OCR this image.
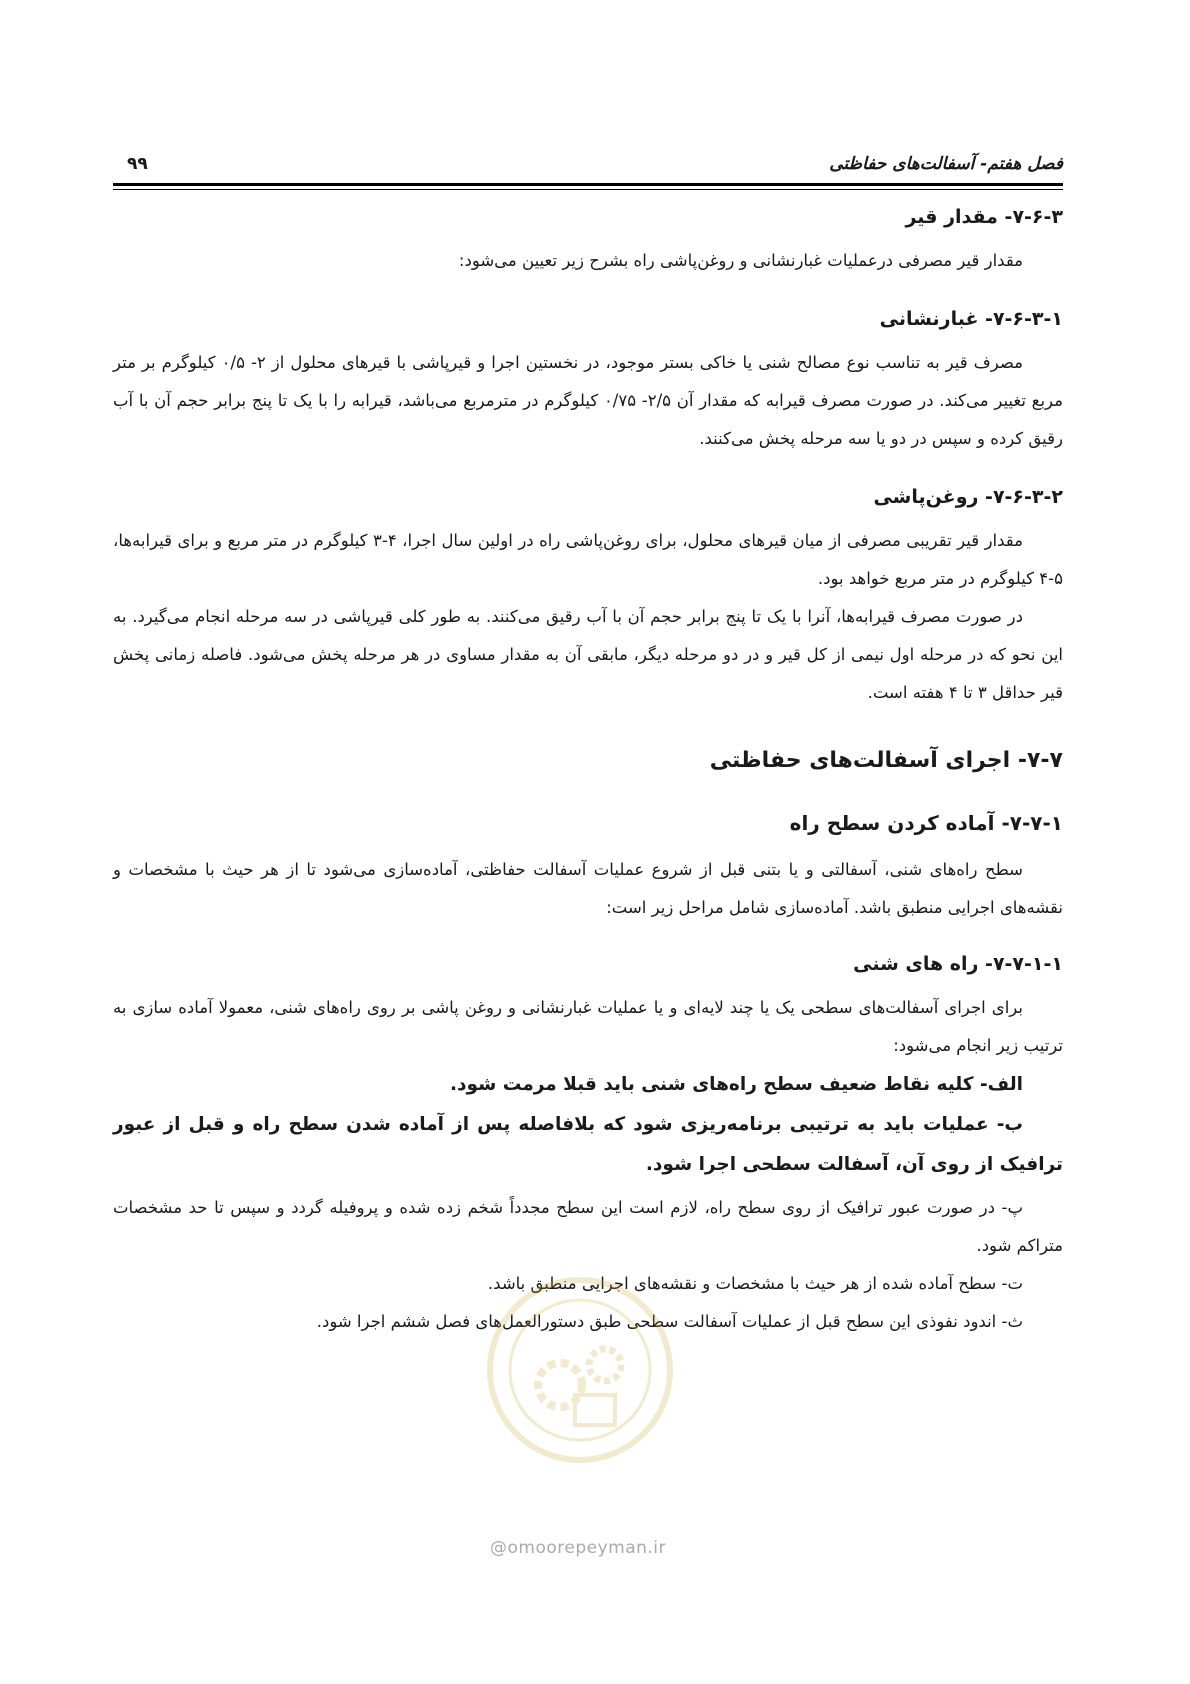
فصل هفتم- آسفالت‌های حفاظتی
۹۹
۷-۶-۳- مقدار قیر

مقدار قیر مصرفی درعملیات غبارنشانی و روغن‌پاشی راه بشرح زیر تعیین می‌شود:

۷-۶-۳-۱- غبارنشانی

مصرف قیر به تناسب نوع مصالح شنی یا خاکی بستر موجود، در نخستین اجرا و قیرپاشی با قیرهای محلول از ۲- ۰/۵ کیلوگرم بر متر مربع تغییر می‌کند. در صورت مصرف قیرابه که مقدار آن ۲/۵- ۰/۷۵ کیلوگرم در مترمربع می‌باشد، قیرابه را با یک تا پنج برابر حجم آن با آب رقیق کرده و سپس در دو یا سه مرحله پخش می‌کنند.

۷-۶-۳-۲- روغن‌پاشی

مقدار قیر تقریبی مصرفی از میان قیرهای محلول، برای روغن‌پاشی راه در اولین سال اجرا، ۴-۳ کیلوگرم در متر مربع و برای قیرابه‌ها، ۵-۴ کیلوگرم در متر مربع خواهد بود.

در صورت مصرف قیرابه‌ها، آنرا با یک تا پنج برابر حجم آن با آب رقیق می‌کنند. به طور کلی قیرپاشی در سه مرحله انجام می‌گیرد. به این نحو که در مرحله اول نیمی از کل قیر و در دو مرحله دیگر، مابقی آن به مقدار مساوی در هر مرحله پخش می‌شود. فاصله زمانی پخش قیر حداقل ۳ تا ۴ هفته است.

۷-۷- اجرای آسفالت‌های حفاظتی
۷-۷-۱- آماده کردن سطح راه

سطح راه‌های شنی، آسفالتی و یا بتنی قبل از شروع عملیات آسفالت حفاظتی، آماده‌سازی می‌شود تا از هر حیث با مشخصات و نقشه‌های اجرایی منطبق باشد. آماده‌سازی شامل مراحل زیر است:

۷-۷-۱-۱- راه های شنی

برای اجرای آسفالت‌های سطحی یک یا چند لایه‌ای و یا عملیات غبارنشانی و روغن پاشی بر روی راه‌های شنی، معمولا آماده سازی به ترتیب زیر انجام می‌شود:

الف- کلیه نقاط ضعیف سطح راه‌های شنی باید قبلا مرمت شود.

ب- عملیات باید به ترتیبی برنامه‌ریزی شود که بلافاصله پس از آماده شدن سطح راه و قبل از عبور ترافیک از روی آن، آسفالت سطحی اجرا شود.

پ- در صورت عبور ترافیک از روی سطح راه، لازم است این سطح مجدداً شخم زده شده و پروفیله گردد و سپس تا حد مشخصات متراکم شود.

ت- سطح آماده شده از هر حیث با مشخصات و نقشه‌های اجرایی منطبق باشد.

ث- اندود نفوذی این سطح قبل از عملیات آسفالت سطحی طبق دستورالعمل‌های فصل ششم اجرا شود.

@omoorepeyman.ir
